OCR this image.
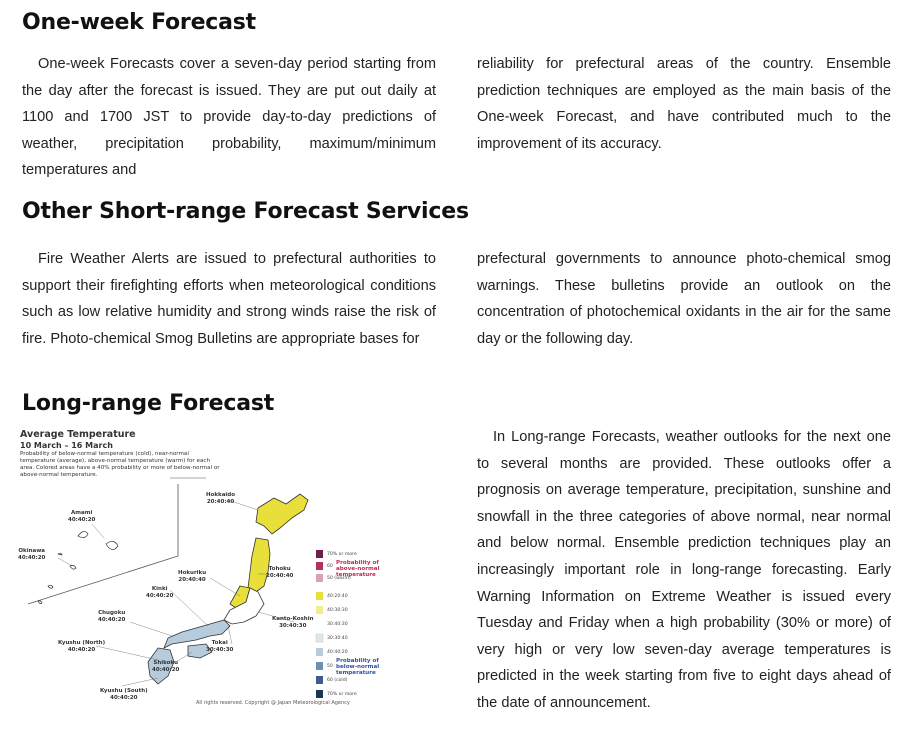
One-week Forecast

One-week Forecasts cover a seven-day period starting from the day after the forecast is issued. They are put out daily at 1100 and 1700 JST to provide day-to-day predictions of weather, precipitation probability, maximum/minimum temperatures and

reliability for prefectural areas of the country. Ensemble prediction techniques are employed as the main basis of the One-week Forecast, and have contributed much to the improvement of its accuracy.

Other Short-range Forecast Services

Fire Weather Alerts are issued to prefectural authorities to support their firefighting efforts when meteorological conditions such as low relative humidity and strong winds raise the risk of fire. Photo-chemical Smog Bulletins are appropriate bases for

prefectural governments to announce photo-chemical smog warnings. These bulletins provide an outlook on the concentration of photochemical oxidants in the air for the same day or the following day.

Long-range Forecast

In Long-range Forecasts, weather outlooks for the next one to several months are provided. These outlooks offer a prognosis on average temperature, precipitation, sunshine and snowfall in the three categories of above normal, near normal and below normal. Ensemble prediction techniques play an increasingly important role in long-range forecasting. Early Warning Information on Extreme Weather is issued every Tuesday and Friday when a high probability (30% or more) of very high or very low seven-day average temperatures is predicted in the week starting from five to eight days ahead of the date of announcement.

Average Temperature
10 March – 16 March
Probability of below-normal temperature (cold), near-normal temperature (average), above-normal temperature (warm) for each area. Colored areas have a 40% probability or more of below-normal or above-normal temperature.
Hokkaido
20:40:40
Amami
40:40:20
Okinawa
40:40:20
Tohoku
20:40:40
Hokuriku
20:40:40
Kinki
40:40:20
Kanto-Koshin
30:40:30
Chugoku
40:40:20
Tokai
30:40:30
Kyushu (North)
40:40:20
Shikoku
40:40:20
Kyushu (South)
40:40:20
70% or more
60
50 (warm)
Probability of above-normal temperature
40:20:40
40:30:30
30:40:30
30:30:40
40:40:20
50
Probability of below-normal temperature
60 (cold)
70% or more
All rights reserved. Copyright @ Japan Meteorological Agency
